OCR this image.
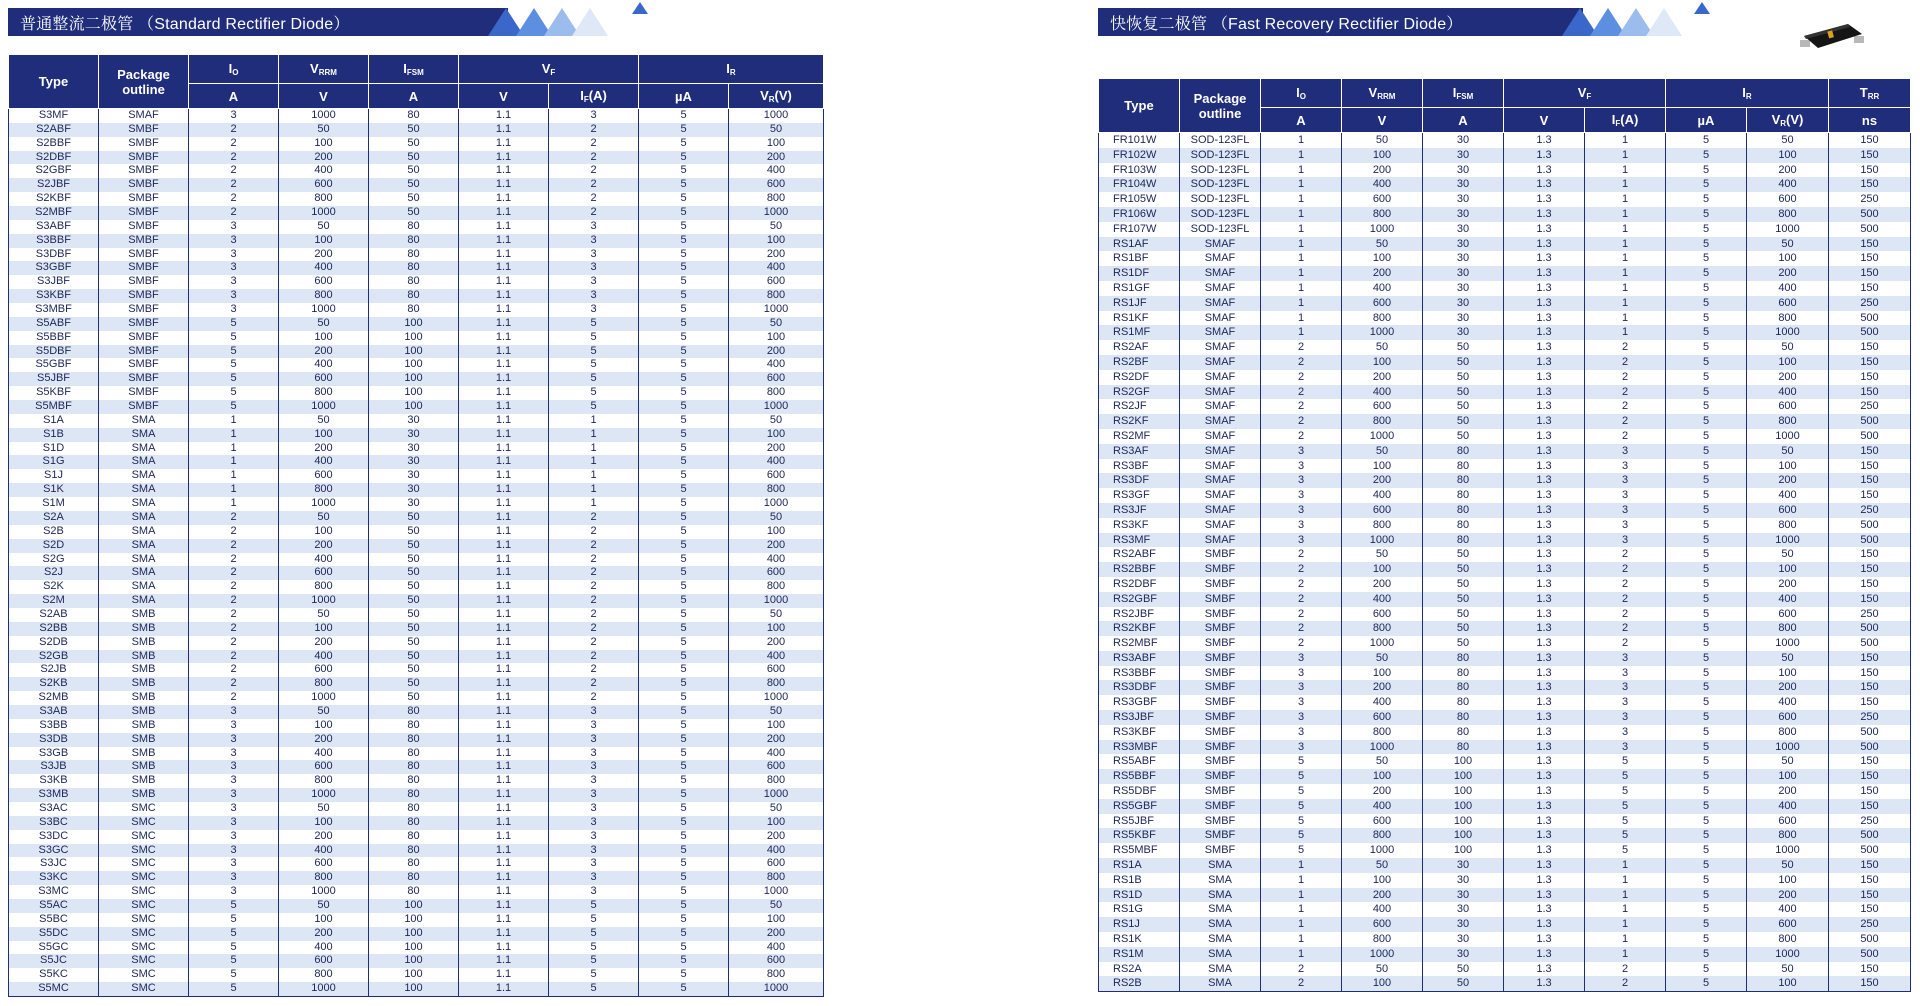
普通整流二极管 （Standard Rectifier Diode）
Type	Package outline	$I_O$	$V_{RRM}$	$I_{FSM}$	$V_F$		$I_R$
		A	V	A	V	$I_F(A)$	µA	$V_R(V)$
S3MF	SMAF	3	1000	80	1.1	3	5	1000
S2ABF	SMBF	2	50	50	1.1	2	5	50
S2BBF	SMBF	2	100	50	1.1	2	5	100
S2DBF	SMBF	2	200	50	1.1	2	5	200
S2GBF	SMBF	2	400	50	1.1	2	5	400
S2JBF	SMBF	2	600	50	1.1	2	5	600
S2KBF	SMBF	2	800	50	1.1	2	5	800
S2MBF	SMBF	2	1000	50	1.1	2	5	1000
S3ABF	SMBF	3	50	80	1.1	3	5	50
S3BBF	SMBF	3	100	80	1.1	3	5	100
S3DBF	SMBF	3	200	80	1.1	3	5	200
S3GBF	SMBF	3	400	80	1.1	3	5	400
S3JBF	SMBF	3	600	80	1.1	3	5	600
S3KBF	SMBF	3	800	80	1.1	3	5	800
S3MBF	SMBF	3	1000	80	1.1	3	5	1000
S5ABF	SMBF	5	50	100	1.1	5	5	50
S5BBF	SMBF	5	100	100	1.1	5	5	100
S5DBF	SMBF	5	200	100	1.1	5	5	200
S5GBF	SMBF	5	400	100	1.1	5	5	400
S5JBF	SMBF	5	600	100	1.1	5	5	600
S5KBF	SMBF	5	800	100	1.1	5	5	800
S5MBF	SMBF	5	1000	100	1.1	5	5	1000
S1A	SMA	1	50	30	1.1	1	5	50
S1B	SMA	1	100	30	1.1	1	5	100
S1D	SMA	1	200	30	1.1	1	5	200
S1G	SMA	1	400	30	1.1	1	5	400
S1J	SMA	1	600	30	1.1	1	5	600
S1K	SMA	1	800	30	1.1	1	5	800
S1M	SMA	1	1000	30	1.1	1	5	1000
S2A	SMA	2	50	50	1.1	2	5	50
S2B	SMA	2	100	50	1.1	2	5	100
S2D	SMA	2	200	50	1.1	2	5	200
S2G	SMA	2	400	50	1.1	2	5	400
S2J	SMA	2	600	50	1.1	2	5	600
S2K	SMA	2	800	50	1.1	2	5	800
S2M	SMA	2	1000	50	1.1	2	5	1000
S2AB	SMB	2	50	50	1.1	2	5	50
S2BB	SMB	2	100	50	1.1	2	5	100
S2DB	SMB	2	200	50	1.1	2	5	200
S2GB	SMB	2	400	50	1.1	2	5	400
S2JB	SMB	2	600	50	1.1	2	5	600
S2KB	SMB	2	800	50	1.1	2	5	800
S2MB	SMB	2	1000	50	1.1	2	5	1000
S3AB	SMB	3	50	80	1.1	3	5	50
S3BB	SMB	3	100	80	1.1	3	5	100
S3DB	SMB	3	200	80	1.1	3	5	200
S3GB	SMB	3	400	80	1.1	3	5	400
S3JB	SMB	3	600	80	1.1	3	5	600
S3KB	SMB	3	800	80	1.1	3	5	800
S3MB	SMB	3	1000	80	1.1	3	5	1000
S3AC	SMC	3	50	80	1.1	3	5	50
S3BC	SMC	3	100	80	1.1	3	5	100
S3DC	SMC	3	200	80	1.1	3	5	200
S3GC	SMC	3	400	80	1.1	3	5	400
S3JC	SMC	3	600	80	1.1	3	5	600
S3KC	SMC	3	800	80	1.1	3	5	800
S3MC	SMC	3	1000	80	1.1	3	5	1000
S5AC	SMC	5	50	100	1.1	5	5	50
S5BC	SMC	5	100	100	1.1	5	5	100
S5DC	SMC	5	200	100	1.1	5	5	200
S5GC	SMC	5	400	100	1.1	5	5	400
S5JC	SMC	5	600	100	1.1	5	5	600
S5KC	SMC	5	800	100	1.1	5	5	800
S5MC	SMC	5	1000	100	1.1	5	5	1000
快恢复二极管 （Fast Recovery Rectifier Diode）
Type	Package outline	$I_O$	$V_{RRM}$	$I_{FSM}$	$V_F$		$I_R$		$T_{RR}$
		A	V	A	V	$I_F(A)$	µA	$V_R(V)$	ns
FR101W	SOD-123FL	1	50	30	1.3	1	5	50	150
FR102W	SOD-123FL	1	100	30	1.3	1	5	100	150
FR103W	SOD-123FL	1	200	30	1.3	1	5	200	150
FR104W	SOD-123FL	1	400	30	1.3	1	5	400	150
FR105W	SOD-123FL	1	600	30	1.3	1	5	600	250
FR106W	SOD-123FL	1	800	30	1.3	1	5	800	500
FR107W	SOD-123FL	1	1000	30	1.3	1	5	1000	500
RS1AF	SMAF	1	50	30	1.3	1	5	50	150
RS1BF	SMAF	1	100	30	1.3	1	5	100	150
RS1DF	SMAF	1	200	30	1.3	1	5	200	150
RS1GF	SMAF	1	400	30	1.3	1	5	400	150
RS1JF	SMAF	1	600	30	1.3	1	5	600	250
RS1KF	SMAF	1	800	30	1.3	1	5	800	500
RS1MF	SMAF	1	1000	30	1.3	1	5	1000	500
RS2AF	SMAF	2	50	50	1.3	2	5	50	150
RS2BF	SMAF	2	100	50	1.3	2	5	100	150
RS2DF	SMAF	2	200	50	1.3	2	5	200	150
RS2GF	SMAF	2	400	50	1.3	2	5	400	150
RS2JF	SMAF	2	600	50	1.3	2	5	600	250
RS2KF	SMAF	2	800	50	1.3	2	5	800	500
RS2MF	SMAF	2	1000	50	1.3	2	5	1000	500
RS3AF	SMAF	3	50	80	1.3	3	5	50	150
RS3BF	SMAF	3	100	80	1.3	3	5	100	150
RS3DF	SMAF	3	200	80	1.3	3	5	200	150
RS3GF	SMAF	3	400	80	1.3	3	5	400	150
RS3JF	SMAF	3	600	80	1.3	3	5	600	250
RS3KF	SMAF	3	800	80	1.3	3	5	800	500
RS3MF	SMAF	3	1000	80	1.3	3	5	1000	500
RS2ABF	SMBF	2	50	50	1.3	2	5	50	150
RS2BBF	SMBF	2	100	50	1.3	2	5	100	150
RS2DBF	SMBF	2	200	50	1.3	2	5	200	150
RS2GBF	SMBF	2	400	50	1.3	2	5	400	150
RS2JBF	SMBF	2	600	50	1.3	2	5	600	250
RS2KBF	SMBF	2	800	50	1.3	2	5	800	500
RS2MBF	SMBF	2	1000	50	1.3	2	5	1000	500
RS3ABF	SMBF	3	50	80	1.3	3	5	50	150
RS3BBF	SMBF	3	100	80	1.3	3	5	100	150
RS3DBF	SMBF	3	200	80	1.3	3	5	200	150
RS3GBF	SMBF	3	400	80	1.3	3	5	400	150
RS3JBF	SMBF	3	600	80	1.3	3	5	600	250
RS3KBF	SMBF	3	800	80	1.3	3	5	800	500
RS3MBF	SMBF	3	1000	80	1.3	3	5	1000	500
RS5ABF	SMBF	5	50	100	1.3	5	5	50	150
RS5BBF	SMBF	5	100	100	1.3	5	5	100	150
RS5DBF	SMBF	5	200	100	1.3	5	5	200	150
RS5GBF	SMBF	5	400	100	1.3	5	5	400	150
RS5JBF	SMBF	5	600	100	1.3	5	5	600	250
RS5KBF	SMBF	5	800	100	1.3	5	5	800	500
RS5MBF	SMBF	5	1000	100	1.3	5	5	1000	500
RS1A	SMA	1	50	30	1.3	1	5	50	150
RS1B	SMA	1	100	30	1.3	1	5	100	150
RS1D	SMA	1	200	30	1.3	1	5	200	150
RS1G	SMA	1	400	30	1.3	1	5	400	150
RS1J	SMA	1	600	30	1.3	1	5	600	250
RS1K	SMA	1	800	30	1.3	1	5	800	500
RS1M	SMA	1	1000	30	1.3	1	5	1000	500
RS2A	SMA	2	50	50	1.3	2	5	50	150
RS2B	SMA	2	100	50	1.3	2	5	100	150
